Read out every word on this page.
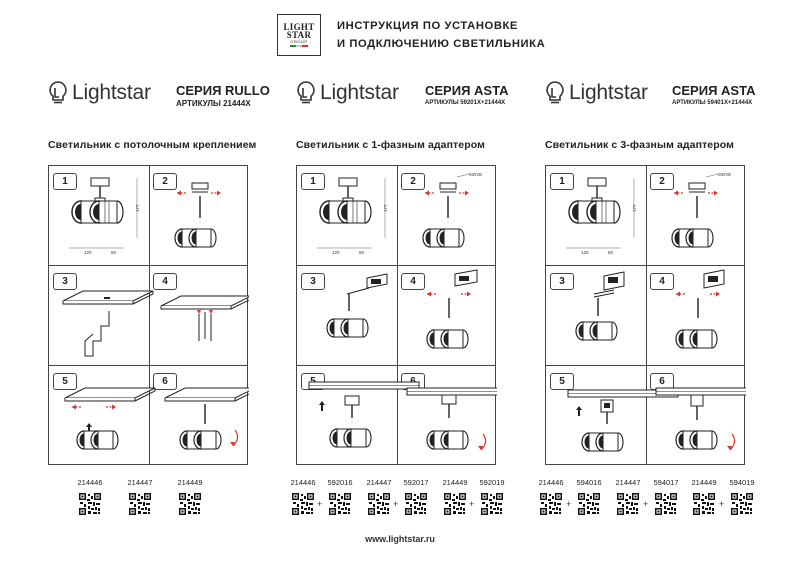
LIGHT
STAR
GROUP
ИНСТРУКЦИЯ ПО УСТАНОВКЕ
И ПОДКЛЮЧЕНИЮ СВЕТИЛЬНИКА
Lightstar СЕРИЯ RULLO
АРТИКУЛЫ 21444X	Lightstar СЕРИЯ ASTA
АРТИКУЛЫ 59201X+21444X	Lightstar СЕРИЯ ASTA
АРТИКУЛЫ 59401X+21444X
Светильник с потолочным креплением	Светильник с 1-фазным адаптером	Светильник с 3-фазным адаптером
1	2
3	4
5	6
177
120	60
1	2
3	4
177
120	60
MOVE
1	2
3	4
5	6
177
120	60
MOVE
214446	214447	214449	214446	592016	214447	592017	214449	592019
+	+	+
214446	594016	214447	594017	214449	594019
+	+	+
www.lightstar.ru
